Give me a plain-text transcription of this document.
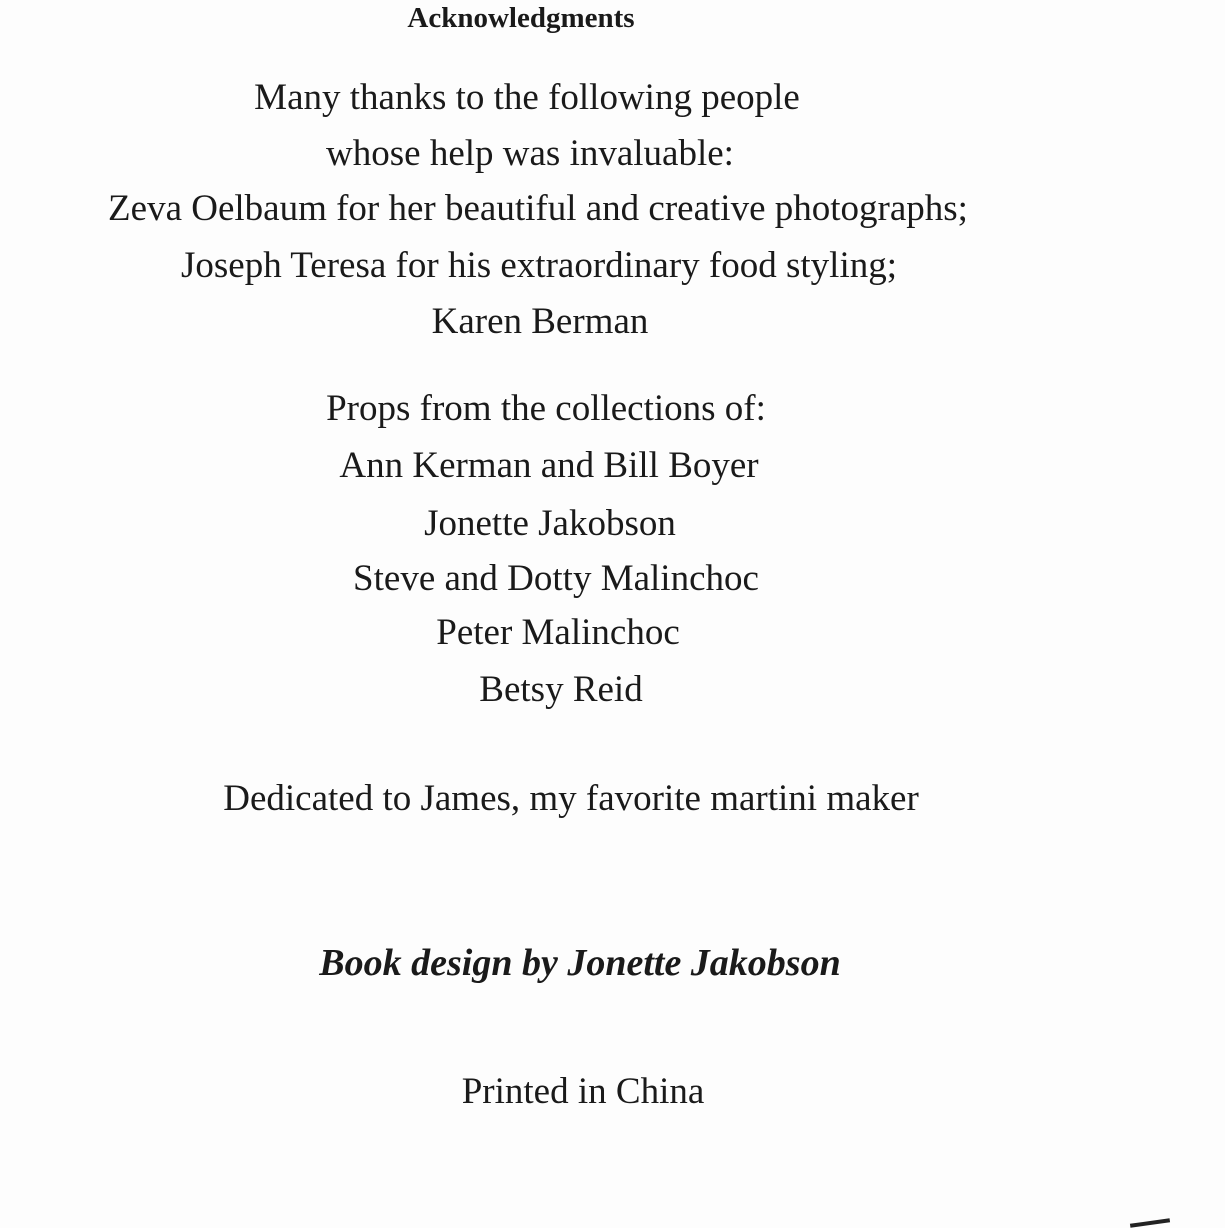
Acknowledgments
Many thanks to the following people
whose help was invaluable:
Zeva Oelbaum for her beautiful and creative photographs;
Joseph Teresa for his extraordinary food styling;
Karen Berman
Props from the collections of:
Ann Kerman and Bill Boyer
Jonette Jakobson
Steve and Dotty Malinchoc
Peter Malinchoc
Betsy Reid
Dedicated to James, my favorite martini maker
Book design by Jonette Jakobson
Printed in China
